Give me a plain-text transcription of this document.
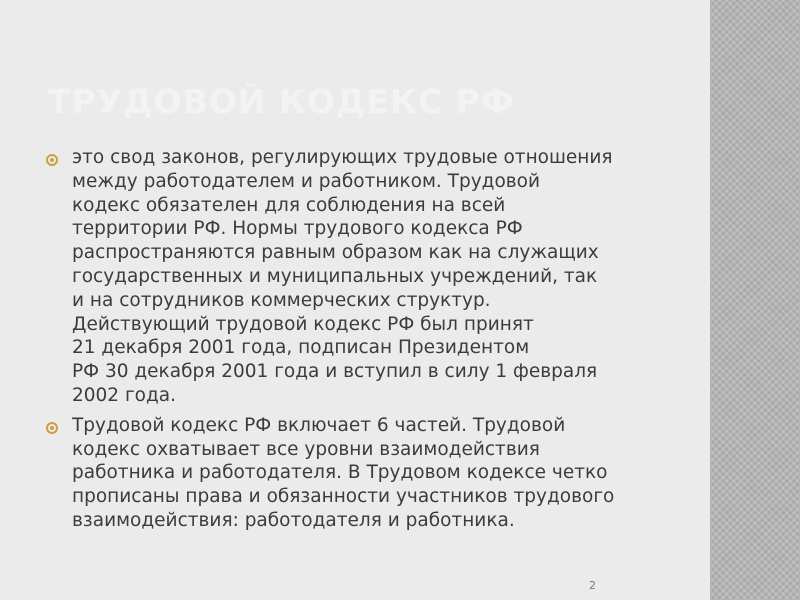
ТРУДОВОЙ КОДЕКС РФ

это свод законов, регулирующих трудовые отношения
между работодателем и работником. Трудовой
кодекс обязателен для соблюдения на всей
территории РФ. Нормы трудового кодекса РФ
распространяются равным образом как на служащих
государственных и муниципальных учреждений, так
и на сотрудников коммерческих структур.
Действующий трудовой кодекс РФ был принят
21 декабря 2001 года, подписан Президентом
РФ 30 декабря 2001 года и вступил в силу 1 февраля
2002 года.

Трудовой кодекс РФ включает 6 частей. Трудовой
кодекс охватывает все уровни взаимодействия
работника и работодателя. В Трудовом кодексе четко
прописаны права и обязанности участников трудового
взаимодействия: работодателя и работника.

2
